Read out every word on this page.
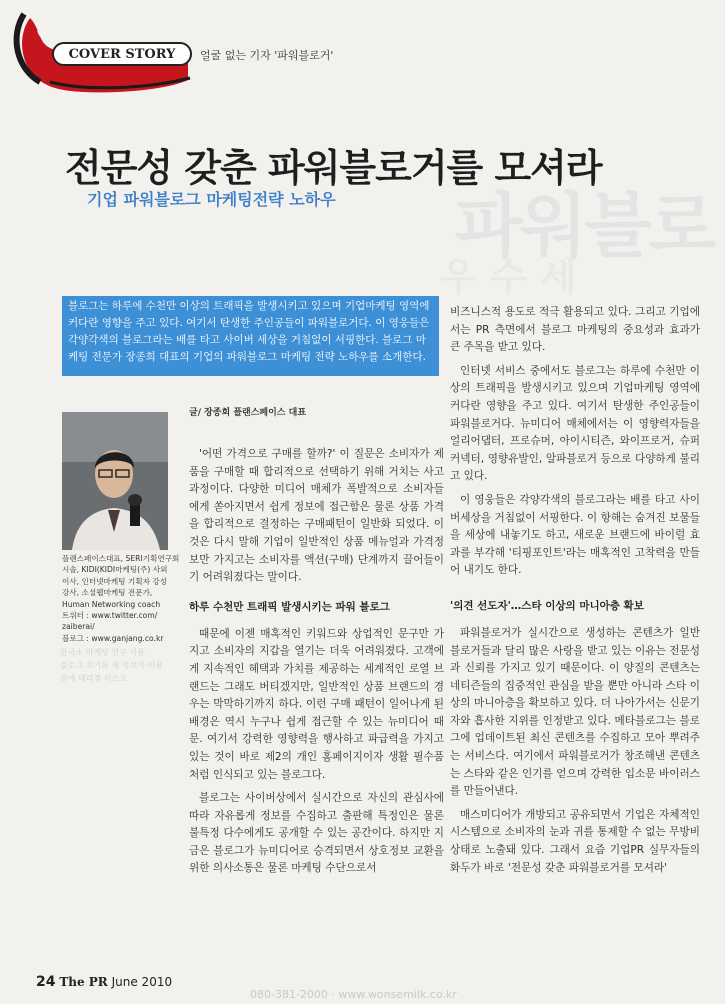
COVER STORY	얼굴 없는 기자 '파워블로거'
파워블로
우 수 세
전문성 갖춘 파워블로거를 모셔라
기업 파워블로그 마케팅전략 노하우
블로그는 하루에 수천만 이상의 트래픽을 발생시키고 있으며 기업마케팅 영역에 커다란 영향을 주고 있다. 여기서 탄생한 주인공들이 파워블로거다. 이 영웅들은 각양각색의 블로그라는 배를 타고 사이버 세상을 거침없이 서핑한다. 블로그 마케팅 전문가 장종희 대표의 기업의 파워블로그 마케팅 전략 노하우를 소개한다.
플랜스페이스대표, SERI기획연구회
시솔, KIDI(KIDI마케팅(주) 사외
이사, 인터넷마케팅 기획자 강성
강사, 소셜웹마케팅 전문가,
Human Networking coach
트위터 : www.twitter.com/
zaiberai/
블로그 : www.ganjang.co.kr
한국소 마케팅 연구 이용
블로그 초기화 제 정보가 이용
관에 대리점 이스고
글/ 장종희 플랜스페이스 대표

'어떤 가격으로 구매를 할까?' 이 질문은 소비자가 제품을 구매할 때 합리적으로 선택하기 위해 거치는 사고과정이다. 다양한 미디어 매체가 폭발적으로 소비자들에게 쏟아지면서 쉽게 정보에 접근함은 물론 상품 가격을 합리적으로 결정하는 구매패턴이 일반화 되었다. 이것은 다시 말해 기업이 일반적인 상품 메뉴얼과 가격정보만 가지고는 소비자를 액션(구매) 단계까지 끌어들이기 어려워졌다는 말이다.

하루 수천만 트래픽 발생시키는 파워 블로그

때문에 이젠 매혹적인 키워드와 상업적인 문구만 가지고 소비자의 지갑을 열기는 더욱 어려워졌다. 고객에게 지속적인 혜택과 가치를 제공하는 세계적인 로열 브랜드는 그래도 버티겠지만, 일반적인 상품 브랜드의 경우는 막막하기까지 하다. 이런 구매 패턴이 일어나게 된 배경은 역시 누구나 쉽게 접근할 수 있는 뉴미디어 때문. 여기서 강력한 영향력을 행사하고 파급력을 가지고 있는 것이 바로 제2의 개인 홈페이지이자 생활 필수품처럼 인식되고 있는 블로그다.

블로그는 사이버상에서 실시간으로 자신의 관심사에 따라 자유롭게 정보를 수집하고 출판해 특정인은 물론 불특정 다수에게도 공개할 수 있는 공간이다. 하지만 지금은 블로그가 뉴미디어로 승격되면서 상호정보 교환을 위한 의사소통은 물론 마케팅 수단으로서

비즈니스적 용도로 적극 활용되고 있다. 그리고 기업에서는 PR 측면에서 블로그 마케팅의 중요성과 효과가 큰 주목을 받고 있다.

인터넷 서비스 중에서도 블로그는 하루에 수천만 이상의 트래픽을 발생시키고 있으며 기업마케팅 영역에 커다란 영향을 주고 있다. 여기서 탄생한 주인공들이 파워블로거다. 뉴미디어 매체에서는 이 영향력자들을 얼리어댑터, 프로슈머, 아이시티즌, 와이프로거, 슈퍼커넥터, 영향유발인, 알파블로거 등으로 다양하게 불리고 있다.

이 영웅들은 각양각색의 블로그라는 배를 타고 사이버세상을 거침없이 서핑한다. 이 항해는 숨겨진 보물들을 세상에 내놓기도 하고, 새로운 브랜드에 바이럴 효과를 부각해 '티핑포인트'라는 매혹적인 고착력을 만들어 내기도 한다.

'의견 선도자'…스타 이상의 마니아층 확보

파워블로거가 실시간으로 생성하는 콘텐츠가 일반 블로거들과 달리 많은 사랑을 받고 있는 이유는 전문성과 신뢰를 가지고 있기 때문이다. 이 양질의 콘텐츠는 네티즌들의 집중적인 관심을 받을 뿐만 아니라 스타 이상의 마니아층을 확보하고 있다. 더 나아가서는 신문기자와 흡사한 지위를 인정받고 있다. 메타블로그는 블로그에 업데이트된 최신 콘텐츠를 수집하고 모아 뿌려주는 서비스다. 여기에서 파워블로거가 창조해낸 콘텐츠는 스타와 같은 인기를 얻으며 강력한 입소문 바이러스를 만들어낸다.

매스미디어가 개방되고 공유되면서 기업은 자체적인 시스템으로 소비자의 눈과 귀를 통제할 수 없는 무방비 상태로 노출돼 있다. 그래서 요즘 기업PR 실무자들의 화두가 바로 '전문성 갖춘 파워블로거를 모셔라'

24 The PR June 2010
080-381-2000 · www.wonsemilk.co.kr
